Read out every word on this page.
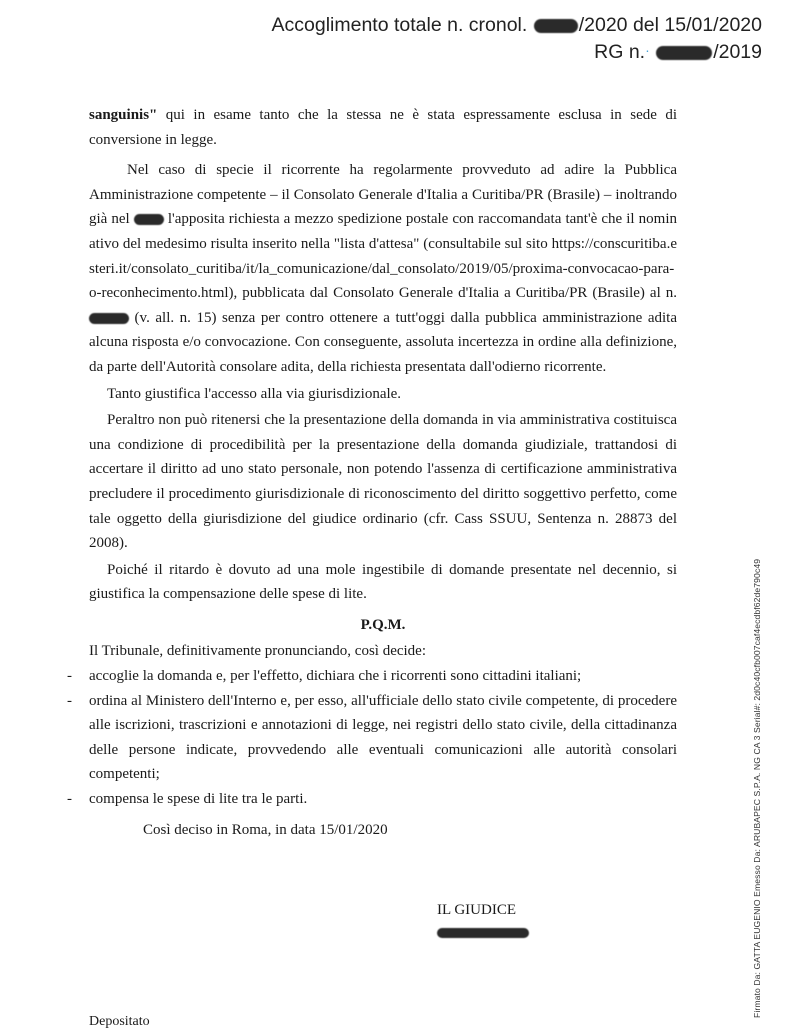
Accoglimento totale n. cronol. /2020 del 15/01/2020
RG n.·	/2019

sanguinis" qui in esame tanto che la stessa ne è stata espressamente esclusa in sede di conversione in legge.

Nel caso di specie il ricorrente ha regolarmente provveduto ad adire la Pubblica Amministrazione competente – il Consolato Generale d'Italia a Curitiba/PR (Brasile) – inoltrando già nel  l'apposita richiesta a mezzo spedizione postale con raccomandata tant'è che il nominativo del medesimo risulta inserito nella "lista d'attesa" (consultabile sul sito https://conscuritiba.esteri.it/consolato_curitiba/it/la_comunicazione/dal_consolato/2019/05/proxima-convocacao-para-o-reconhecimento.html), pubblicata dal Consolato Generale d'Italia a Curitiba/PR (Brasile) al n.  (v. all. n. 15) senza per contro ottenere a tutt'oggi dalla pubblica amministrazione adita alcuna risposta e/o convocazione. Con conseguente, assoluta incertezza in ordine alla definizione, da parte dell'Autorità consolare adita, della richiesta presentata dall'odierno ricorrente.

Tanto giustifica l'accesso alla via giurisdizionale.

Peraltro non può ritenersi che la presentazione della domanda in via amministrativa costituisca una condizione di procedibilità per la presentazione della domanda giudiziale, trattandosi di accertare il diritto ad uno stato personale, non potendo l'assenza di certificazione amministrativa precludere il procedimento giurisdizionale di riconoscimento del diritto soggettivo perfetto, come tale oggetto della giurisdizione del giudice ordinario (cfr. Cass SSUU, Sentenza n. 28873 del 2008).

Poiché il ritardo è dovuto ad una mole ingestibile di domande presentate nel decennio, si giustifica la compensazione delle spese di lite.

P.Q.M.

Il Tribunale, definitivamente pronunciando, così decide:

- accoglie la domanda e, per l'effetto, dichiara che i ricorrenti sono cittadini italiani;
- ordina al Ministero dell'Interno e, per esso, all'ufficiale dello stato civile competente, di procedere alle iscrizioni, trascrizioni e annotazioni di legge, nei registri dello stato civile, della cittadinanza delle persone indicate, provvedendo alle eventuali comunicazioni alle autorità consolari competenti;
- compensa le spese di lite tra le parti.

Così deciso in Roma, in data 15/01/2020

IL GIUDICE
Depositato
Firmato Da: GATTA EUGENIO Emesso Da: ARUBAPEC S.P.A. NG CA 3 Serial#: 2d0c40cfb007caf4ecdbf62de790c49
